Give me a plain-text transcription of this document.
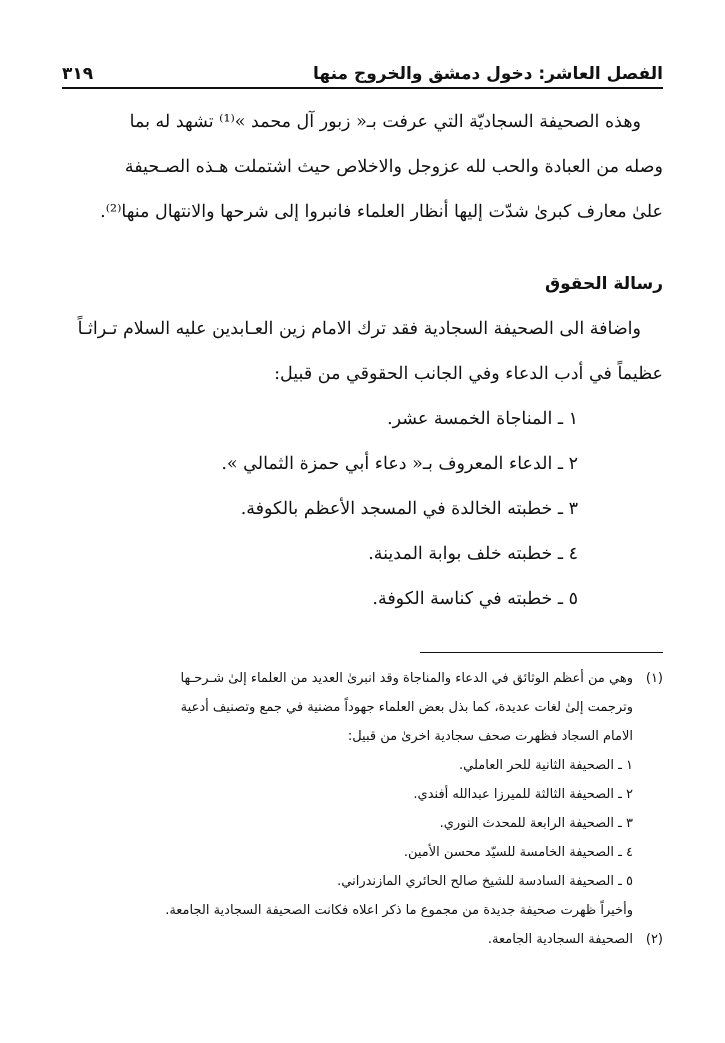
الفصل العاشر: دخول دمشق والخروج منها
٣١٩

وهذه الصحيفة السجاديّة التي عرفت بـ« زبور آل محمد »⁽¹⁾ تشهد له بما

وصله من العبادة والحب لله عزوجل والاخلاص حيث اشتملت هـذه الصـحيفة

علىٰ معارف كبرىٰ شدّت إليها أنظار العلماء فانبروا إلى شرحها والانتهال منها⁽²⁾.

رسالة الحقوق

واضافة الى الصحيفة السجادية فقد ترك الامام زين العـابدين عليه السلام تـراثـاً

عظيماً في أدب الدعاء وفي الجانب الحقوقي من قبيل:

١ ـ المناجاة الخمسة عشر.

٢ ـ الدعاء المعروف بـ« دعاء أبي حمزة الثمالي ».

٣ ـ خطبته الخالدة في المسجد الأعظم بالكوفة.

٤ ـ خطبته خلف بوابة المدينة.

٥ ـ خطبته في كناسة الكوفة.

(١)
وهي من أعظم الوثائق في الدعاء والمناجاة وقد انبرىٰ العديد من العلماء إلىٰ شـرحـها
وترجمت إلىٰ لغات عديدة، كما بذل بعض العلماء جهوداً مضنية في جمع وتصنيف أدعية
الامام السجاد فظهرت صحف سجادية اخرىٰ من قبيل:
١ ـ الصحيفة الثانية للحر العاملي.
٢ ـ الصحيفة الثالثة للميرزا عبدالله أفندي.
٣ ـ الصحيفة الرابعة للمحدث النوري.
٤ ـ الصحيفة الخامسة للسيّد محسن الأمين.
٥ ـ الصحيفة السادسة للشيخ صالح الحائري المازندراني.
وأخيراً ظهرت صحيفة جديدة من مجموع ما ذكر اعلاه فكانت الصحيفة السجادية الجامعة.
(٢)
الصحيفة السجادية الجامعة.
